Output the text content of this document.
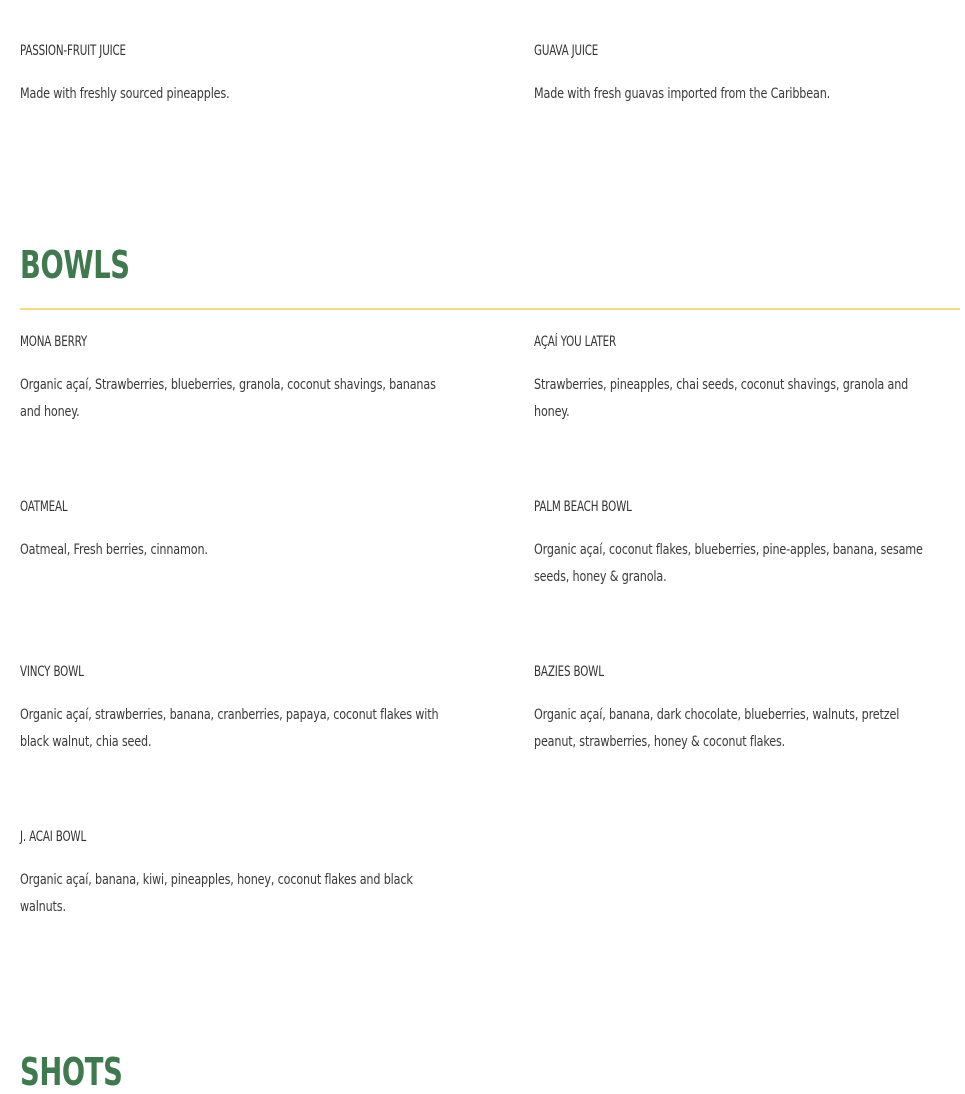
PASSION-FRUIT JUICE
Made with freshly sourced pineapples.
GUAVA JUICE
Made with fresh guavas imported from the Caribbean.
BOWLS
MONA BERRY
Organic açaí, Strawberries, blueberries, granola, coconut shavings, bananas and honey.
AÇAÍ YOU LATER
Strawberries, pineapples, chai seeds, coconut shavings, granola and honey.
OATMEAL
Oatmeal, Fresh berries, cinnamon.
PALM BEACH BOWL
Organic açaí, coconut flakes, blueberries, pine-apples, banana, sesame seeds, honey & granola.
VINCY BOWL
Organic açaí, strawberries, banana, cranberries, papaya, coconut flakes with black walnut, chia seed.
BAZIES BOWL
Organic açaí, banana, dark chocolate, blueberries, walnuts, pretzel peanut, strawberries, honey & coconut flakes.
J. ACAI BOWL
Organic açaí, banana, kiwi, pineapples, honey, coconut flakes and black walnuts.
SHOTS
